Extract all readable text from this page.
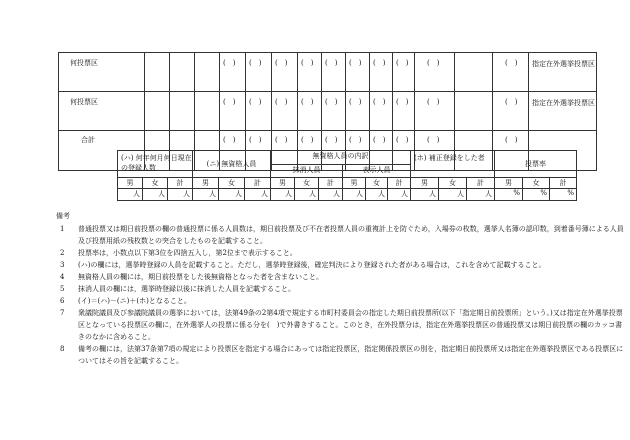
何投票区				(　)	(　)	(　)	(　)	(　)	(　)	(　)	(　)	(　)		(　)	指定在外選挙投票区
何投票区				(　)	(　)	(　)	(　)	(　)	(　)	(　)	(　)	(　)		(　)	指定在外選挙投票区
合計				(　)	(　)	(　)	(　)	(　)	(　)	(　)	(　)	(　)		(　)	
(ハ) 何年何月何日現在の登録人数			(ニ) 無資格人員			無資格人員の内訳						(ホ) 補正登録をした者			投票率		
						抹消人員			表示人員								
男	女	計	男	女	計	男	女	計	男	女	計	男	女	計	男	女	計
人	人	人	人	人	人	人	人	人	人	人	人	人	人	人	%	%	%
備考
1 普通投票又は期日前投票の欄の普通投票に係る人員数は，期日前投票及び不在者投票人員の重複計上を防ぐため，入場券の枚数，選挙人名簿の認印数，到着番号簿による人員及び投票用紙の残枚数との突合をしたものを記載すること。
2 投票率は，小数点以下第3位を四捨五入し，第2位まで表示すること。
3 (ハ)の欄には，選挙時登録の人員を記載すること。ただし，選挙時登録後，確定判決により登録された者がある場合は，これを含めて記載すること。
4 無資格人員の欄には，期日前投票をした後無資格となった者を含まないこと。
5 抹消人員の欄には，選挙時登録以後に抹消した人員を記載すること。
6 (イ)＝(ハ)－(ニ)＋(ホ)となること。
7 衆議院議員及び参議院議員の選挙においては，法第49条の2第4項で規定する市町村委員会の指定した期日前投票所(以下「指定期日前投票所」という。)又は指定在外選挙投票区となっている投票区の欄に，在外選挙人の投票に係る分を(　)で外書きすること。このとき，在外投票分は，指定在外選挙投票区の普通投票又は期日前投票の欄のカッコ書きのなかに含めること。
8 備考の欄には，法第37条第7項の規定により投票区を指定する場合にあっては指定投票区，指定関係投票区の別を，指定期日前投票所又は指定在外選挙投票区である投票区についてはその旨を記載すること。
